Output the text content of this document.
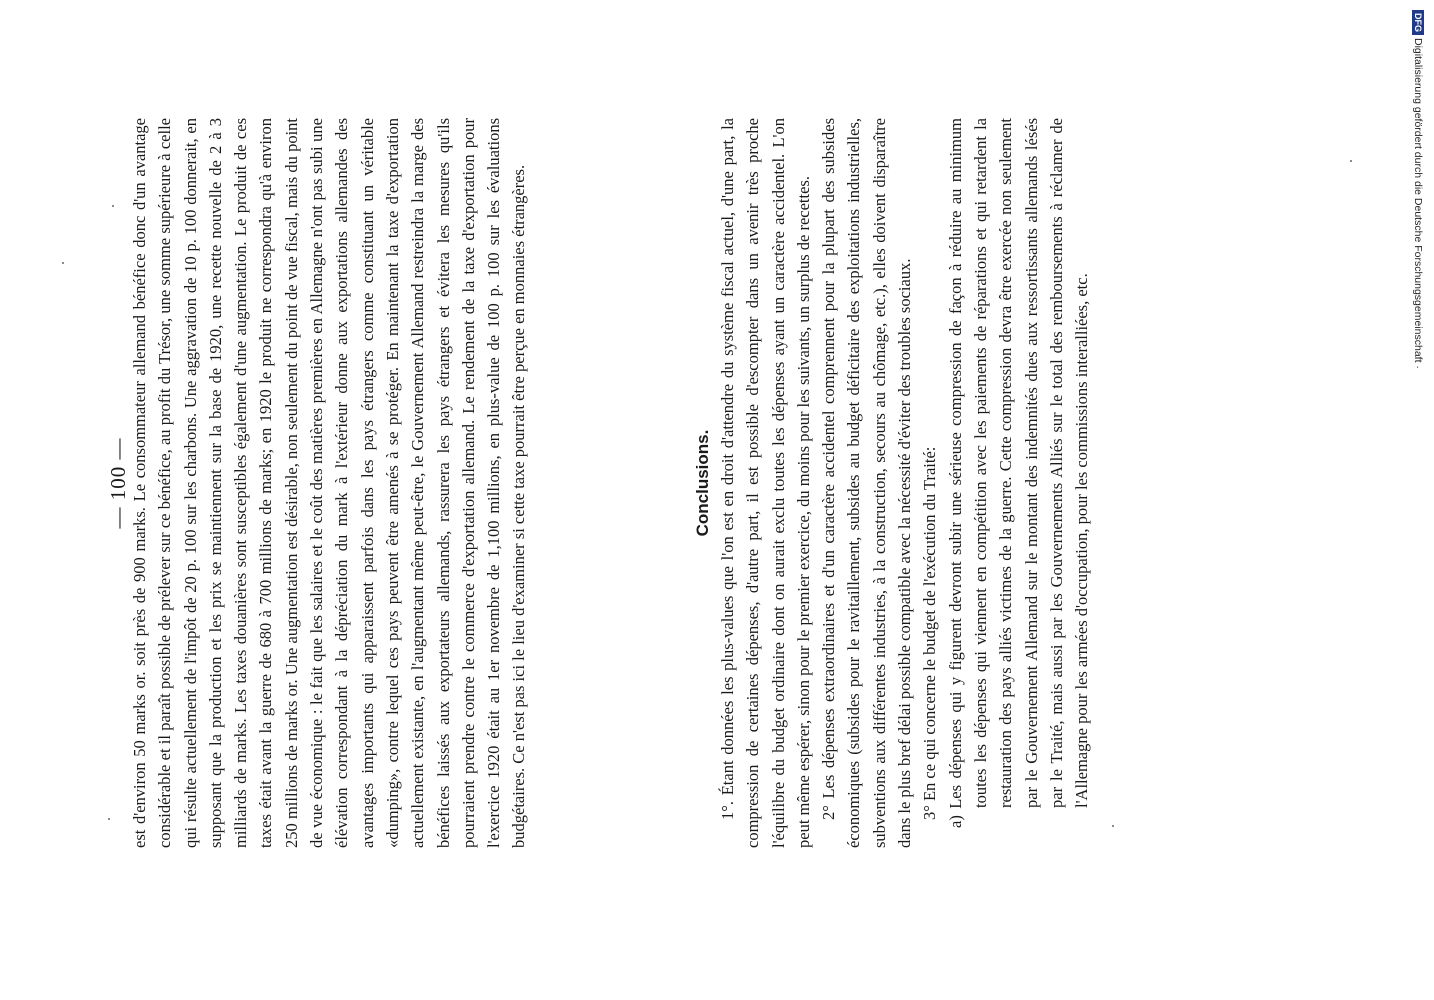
— 100 — est d'environ 50 marks or. soit près de 900 marks. Le consommateur allemand bénéfice donc d'un avantage considérable et il paraît possible de prélever sur ce bénéfice, au profit du Trésor, une somme supérieure à celle qui résulte actuellement de l'impôt de 20 p. 100 sur les charbons. Une aggravation de 10 p. 100 donnerait, en supposant que la production et les prix se maintiennent sur la base de 1920, une recette nouvelle de 2 à 3 milliards de marks. Les taxes douanières sont susceptibles également d'une augmentation. Le produit de ces taxes était avant la guerre de 680 à 700 millions de marks; en 1920 le produit ne correspondra qu'à environ 250 millions de marks or. Une augmentation est désirable, non seulement du point de vue fiscal, mais du point de vue économique : le fait que les salaires et le coût des matières premières en Allemagne n'ont pas subi une élévation correspondant à la dépréciation du mark à l'extérieur donne aux exportations allemandes des avantages importants qui apparaissent parfois dans les pays étrangers comme constituant un véritable «dumping», contre lequel ces pays peuvent être amenés à se protéger. En maintenant la taxe d'exportation actuellement existante, en l'augmentant même peut-être, le Gouvernement Allemand restreindra la marge des bénéfices laissés aux exportateurs allemands, rassurera les pays étrangers et évitera les mesures qu'ils pourraient prendre contre le commerce d'exportation allemand. Le rendement de la taxe d'exportation pour l'exercice 1920 était au 1er novembre de 1,100 millions, en plus-value de 100 p. 100 sur les évaluations budgétaires. Ce n'est pas ici le lieu d'examiner si cette taxe pourrait être perçue en monnaies étrangères.	Conclusions. 1°. Étant données les plus-values que l'on est en droit d'attendre du système fiscal actuel, d'une part, la compression de certaines dépenses, d'autre part, il est possible d'escompter dans un avenir très proche l'équilibre du budget ordinaire dont on aurait exclu toutes les dépenses ayant un caractère accidentel. L'on peut même espérer, sinon pour le premier exercice, du moins pour les suivants, un surplus de recettes. 2° Les dépenses extraordinaires et d'un caractère accidentel comprennent pour la plupart des subsides économiques (subsides pour le ravitaillement, subsides au budget déficitaire des exploitations industrielles, subventions aux différentes industries, à la construction, secours au chômage, etc.), elles doivent disparaître dans le plus bref délai possible compatible avec la nécessité d'éviter des troubles sociaux. 3° En ce qui concerne le budget de l'exécution du Traité: a) Les dépenses qui y figurent devront subir une sérieuse compression de façon à réduire au minimum toutes les dépenses qui viennent en compétition avec les paiements de réparations et qui retardent la restauration des pays alliés victimes de la guerre. Cette compression devra être exercée non seulement par le Gouvernement Allemand sur le montant des indemnités dues aux ressortissants allemands lésés par le Traité, mais aussi par les Gouvernements Alliés sur le total des remboursements à réclamer de l'Allemagne pour les armées d'occupation, pour les commissions interalliées, etc.

DFGDigitalisierung gefördert durch die Deutsche Forschungsgemeinschaft ·
